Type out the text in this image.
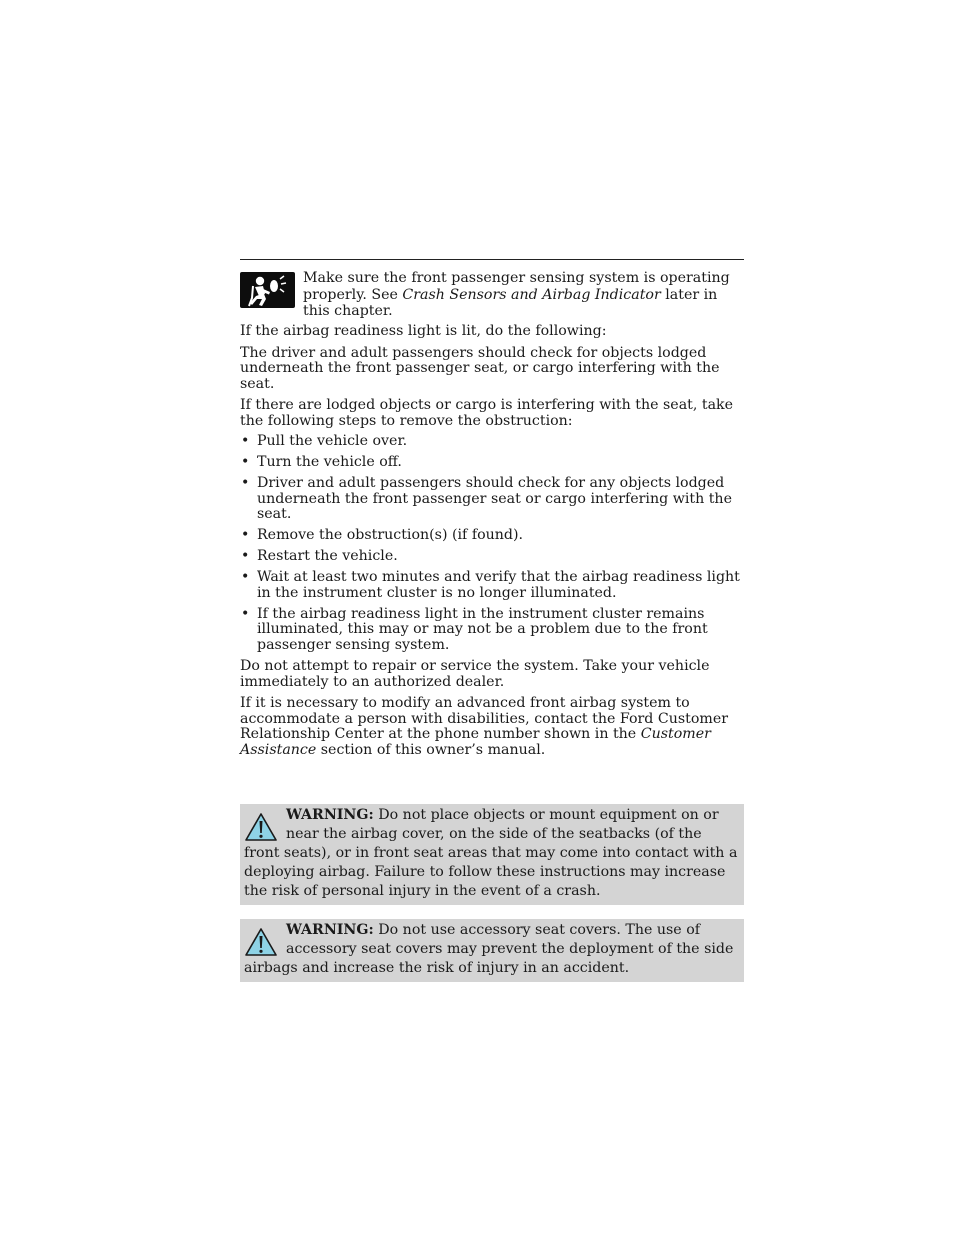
Make sure the front passenger sensing system is operating properly. See Crash Sensors and Airbag Indicator later in this chapter.

If the airbag readiness light is lit, do the following:

The driver and adult passengers should check for objects lodged underneath the front passenger seat, or cargo interfering with the seat.

If there are lodged objects or cargo is interfering with the seat, take the following steps to remove the obstruction:

• Pull the vehicle over.
• Turn the vehicle off.
• Driver and adult passengers should check for any objects lodged underneath the front passenger seat or cargo interfering with the seat.
• Remove the obstruction(s) (if found).
• Restart the vehicle.
• Wait at least two minutes and verify that the airbag readiness light in the instrument cluster is no longer illuminated.
• If the airbag readiness light in the instrument cluster remains illuminated, this may or may not be a problem due to the front passenger sensing system.

Do not attempt to repair or service the system. Take your vehicle immediately to an authorized dealer.

If it is necessary to modify an advanced front airbag system to accommodate a person with disabilities, contact the Ford Customer Relationship Center at the phone number shown in the Customer Assistance section of this owner’s manual.

WARNING: Do not place objects or mount equipment on or near the airbag cover, on the side of the seatbacks (of the front seats), or in front seat areas that may come into contact with a deploying airbag. Failure to follow these instructions may increase the risk of personal injury in the event of a crash.
WARNING: Do not use accessory seat covers. The use of accessory seat covers may prevent the deployment of the side airbags and increase the risk of injury in an accident.
